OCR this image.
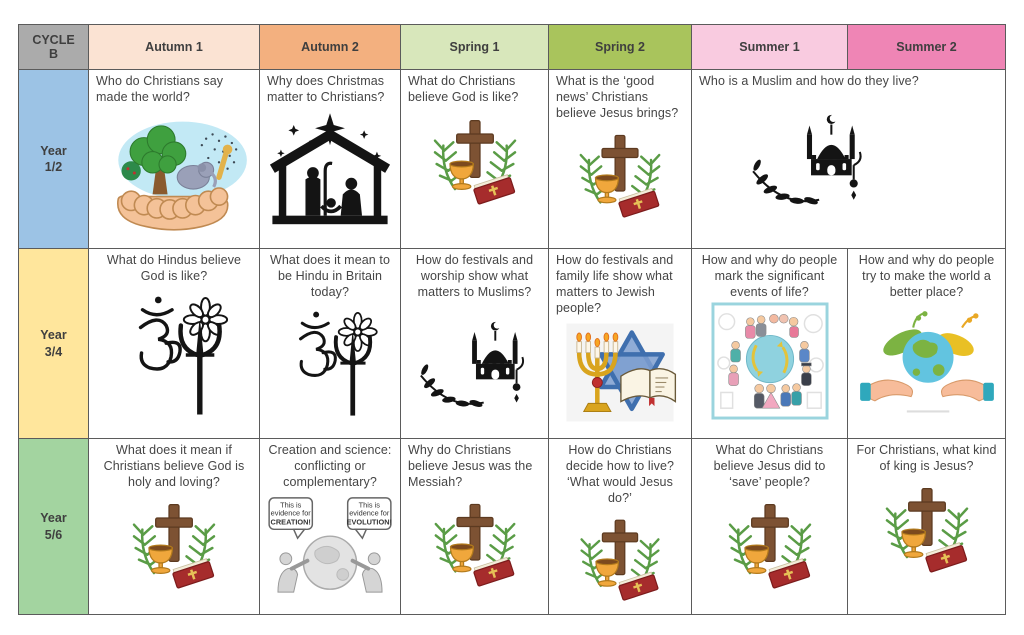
CYCLE
B	Autumn 1	Autumn 2	Spring 1	Spring 2	Summer 1	Summer 2
Year
1/2	Who do Christians say made the world?	Why does Christmas matter to Christians?	What do Christians believe God is like?	What is the ‘good news’ Christians believe Jesus brings?	Who is a Muslim and how do they live?	

Year
3/4	What do Hindus believe God is like?	What does it mean to be Hindu in Britain today?	How do festivals and worship show what matters to Muslims?	How do festivals and family life show what matters to Jewish people?	How and why do people mark the significant events of life?	How and why do people try to make the world a better place?

Year
5/6	What does it mean if Christians believe God is holy and loving?	Creation and science: conflicting or complementary?	Why do Christians believe Jesus was the Messiah?	How do Christians decide how to live? ‘What would Jesus do?’	What do Christians believe Jesus did to ‘save’ people?	For Christians, what kind of king is Jesus?
